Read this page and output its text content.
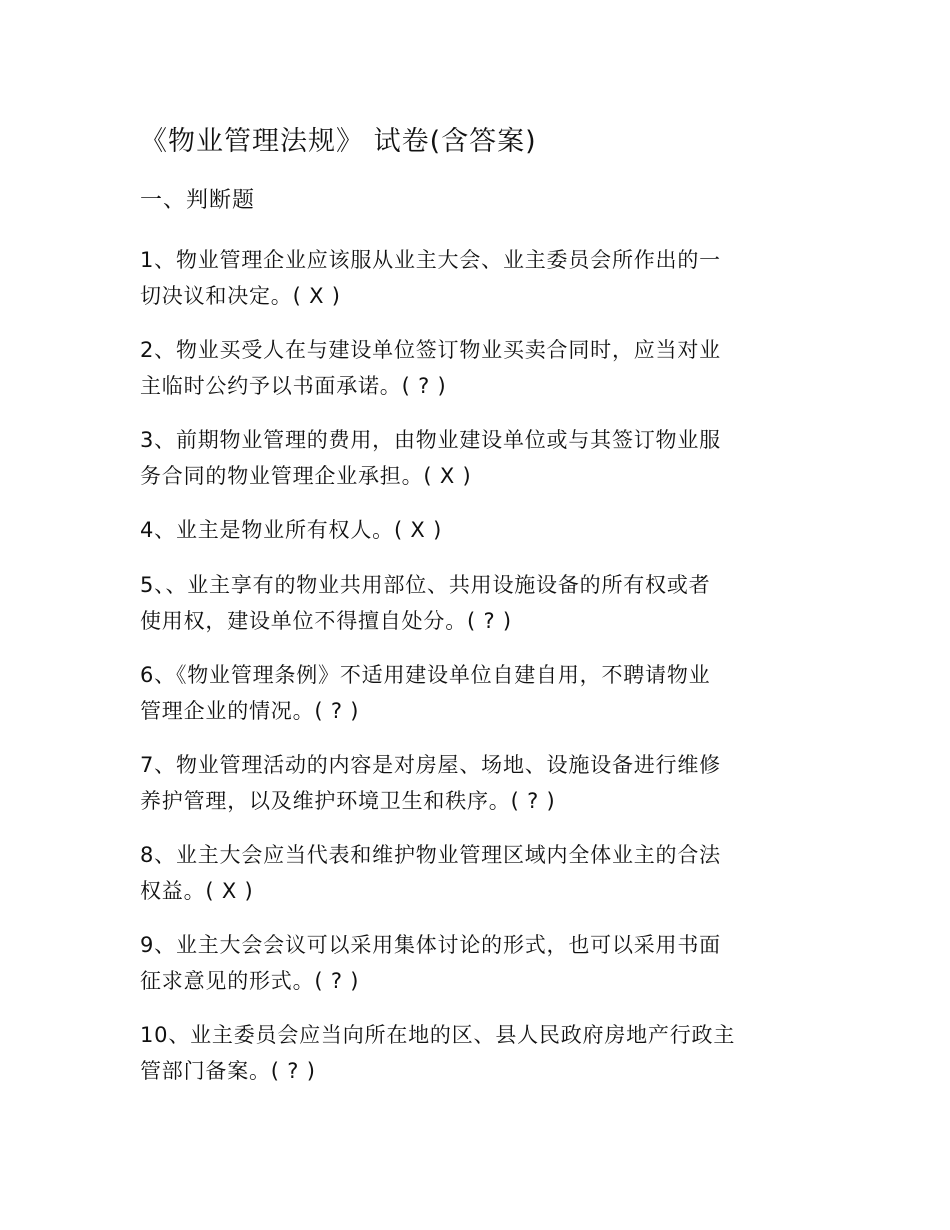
《物业管理法规》 试卷(含答案)
一、判断题
1、物业管理企业应该服从业主大会、业主委员会所作出的一
切决议和决定。( X )
2、物业买受人在与建设单位签订物业买卖合同时，应当对业
主临时公约予以书面承诺。( ? )
3、前期物业管理的费用，由物业建设单位或与其签订物业服
务合同的物业管理企业承担。( X )
4、业主是物业所有权人。( X )
5、、业主享有的物业共用部位、共用设施设备的所有权或者
使用权，建设单位不得擅自处分。( ? )
6、《物业管理条例》不适用建设单位自建自用，不聘请物业
管理企业的情况。( ? )
7、物业管理活动的内容是对房屋、场地、设施设备进行维修
养护管理，以及维护环境卫生和秩序。( ? )
8、业主大会应当代表和维护物业管理区域内全体业主的合法
权益。( X )
9、业主大会会议可以采用集体讨论的形式，也可以采用书面
征求意见的形式。( ? )
10、业主委员会应当向所在地的区、县人民政府房地产行政主
管部门备案。( ? )
